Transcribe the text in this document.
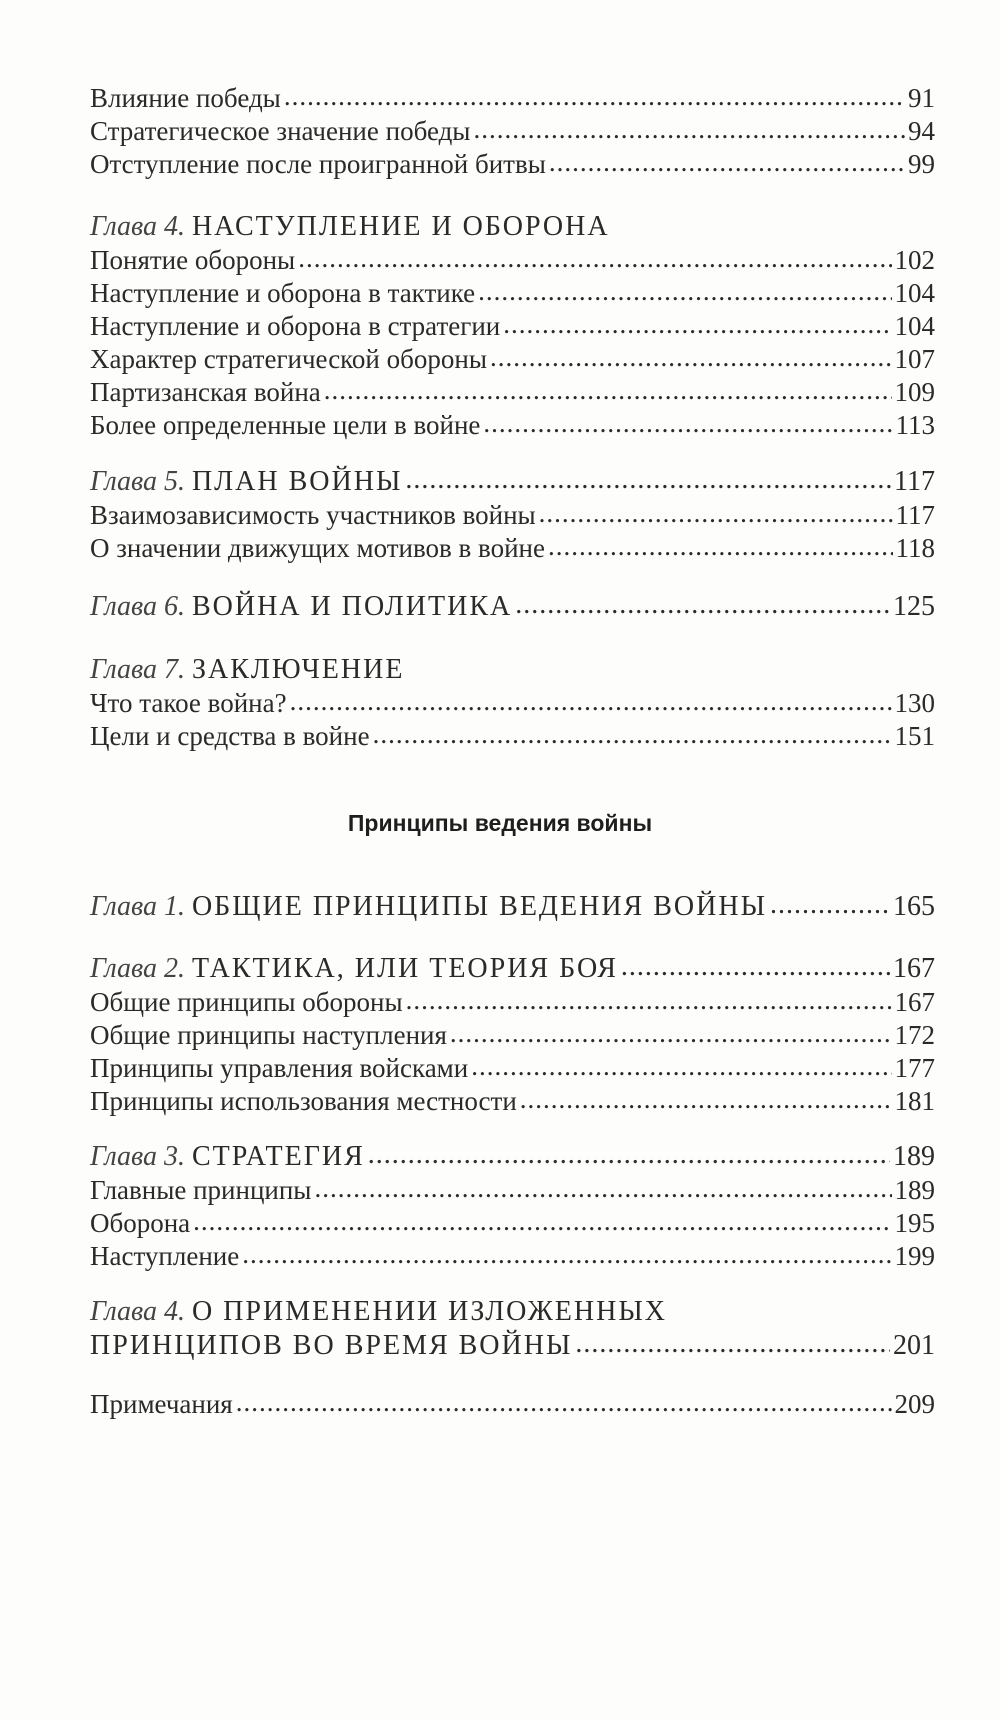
Влияние победы .....	91
Стратегическое значение победы .....	94
Отступление после проигранной битвы .....	99
Глава 4. НАСТУПЛЕНИЕ И ОБОРОНА
Понятие обороны .....	102
Наступление и оборона в тактике .....	104
Наступление и оборона в стратегии .....	104
Характер стратегической обороны .....	107
Партизанская война .....	109
Более определенные цели в войне .....	113
Глава 5. ПЛАН ВОЙНЫ .....	117
Взаимозависимость участников войны .....	117
О значении движущих мотивов в войне .....	118
Глава 6. ВОЙНА И ПОЛИТИКА .....	125
Глава 7. ЗАКЛЮЧЕНИЕ
Что такое война? .....	130
Цели и средства в войне .....	151
Принципы ведения войны
Глава 1. ОБЩИЕ ПРИНЦИПЫ ВЕДЕНИЯ ВОЙНЫ .....	165
Глава 2. ТАКТИКА, ИЛИ ТЕОРИЯ БОЯ .....	167
Общие принципы обороны .....	167
Общие принципы наступления .....	172
Принципы управления войсками .....	177
Принципы использования местности .....	181
Глава 3. СТРАТЕГИЯ .....	189
Главные принципы .....	189
Оборона .....	195
Наступление .....	199
Глава 4. О ПРИМЕНЕНИИ ИЗЛОЖЕННЫХ
ПРИНЦИПОВ ВО ВРЕМЯ ВОЙНЫ .....	201
Примечания .....	209
